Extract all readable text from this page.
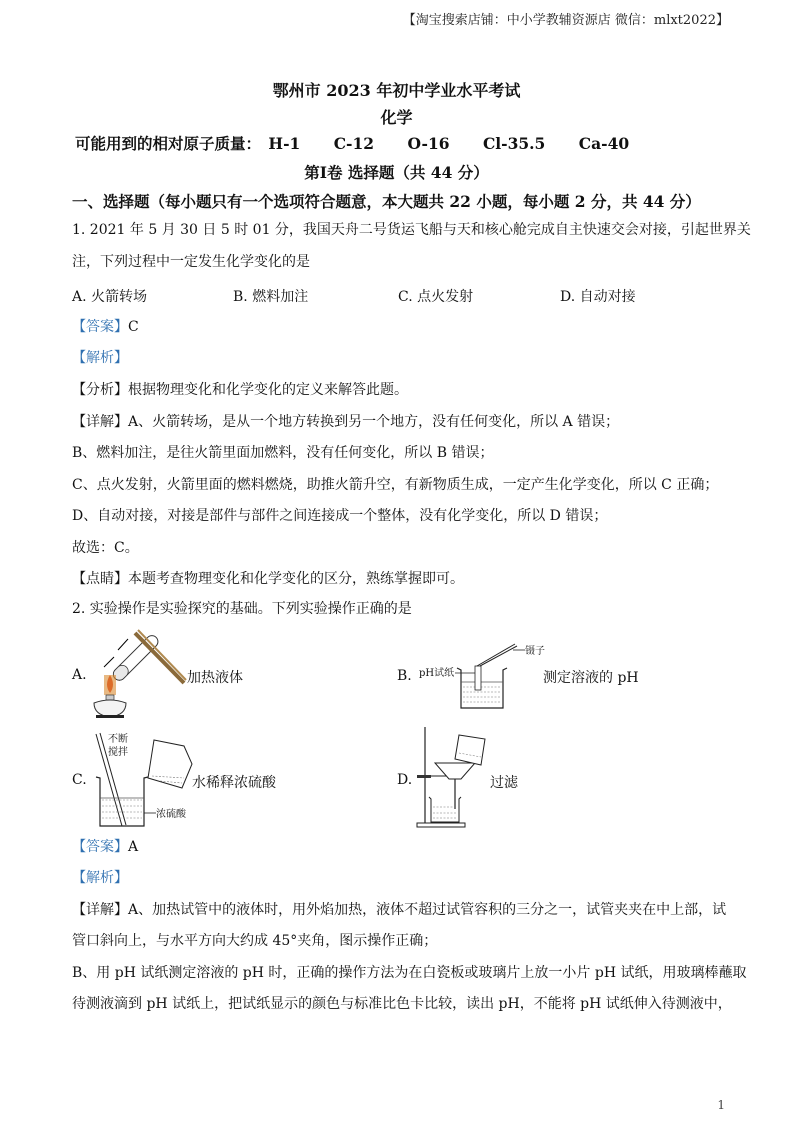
【淘宝搜索店铺：中小学教辅资源店 微信：mlxt2022】
鄂州市 2023 年初中学业水平考试
化学
可能用到的相对原子质量： H-1 C-12 O-16 Cl-35.5 Ca-40
第Ⅰ卷 选择题（共 44 分）
一、选择题（每小题只有一个选项符合题意，本大题共 22 小题，每小题 2 分，共 44 分）
1. 2021 年 5 月 30 日 5 时 01 分，我国天舟二号货运飞船与天和核心舱完成自主快速交会对接，引起世界关
注，下列过程中一定发生化学变化的是
A. 火箭转场	B. 燃料加注	C. 点火发射	D. 自动对接
【答案】C
【解析】
【分析】根据物理变化和化学变化的定义来解答此题。
【详解】A、火箭转场，是从一个地方转换到另一个地方，没有任何变化，所以 A 错误；
B、燃料加注，是往火箭里面加燃料，没有任何变化，所以 B 错误；
C、点火发射，火箭里面的燃料燃烧，助推火箭升空，有新物质生成，一定产生化学变化，所以 C 正确；
D、自动对接，对接是部件与部件之间连接成一个整体，没有化学变化，所以 D 错误；
故选：C。
【点睛】本题考查物理变化和化学变化的区分，熟练掌握即可。
2. 实验操作是实验探究的基础。下列实验操作正确的是
A.	加热液体	B. pH试纸
镊子
测定溶液的 pH
C.
不断
搅拌
浓硫酸
水稀释浓硫酸	D.	过滤
【答案】A
【解析】
【详解】A、加热试管中的液体时，用外焰加热，液体不超过试管容积的三分之一，试管夹夹在中上部，试
管口斜向上，与水平方向大约成 45°夹角，图示操作正确；
B、用 pH 试纸测定溶液的 pH 时，正确的操作方法为在白瓷板或玻璃片上放一小片 pH 试纸，用玻璃棒蘸取
待测液滴到 pH 试纸上，把试纸显示的颜色与标准比色卡比较，读出 pH，不能将 pH 试纸伸入待测液中，
1
